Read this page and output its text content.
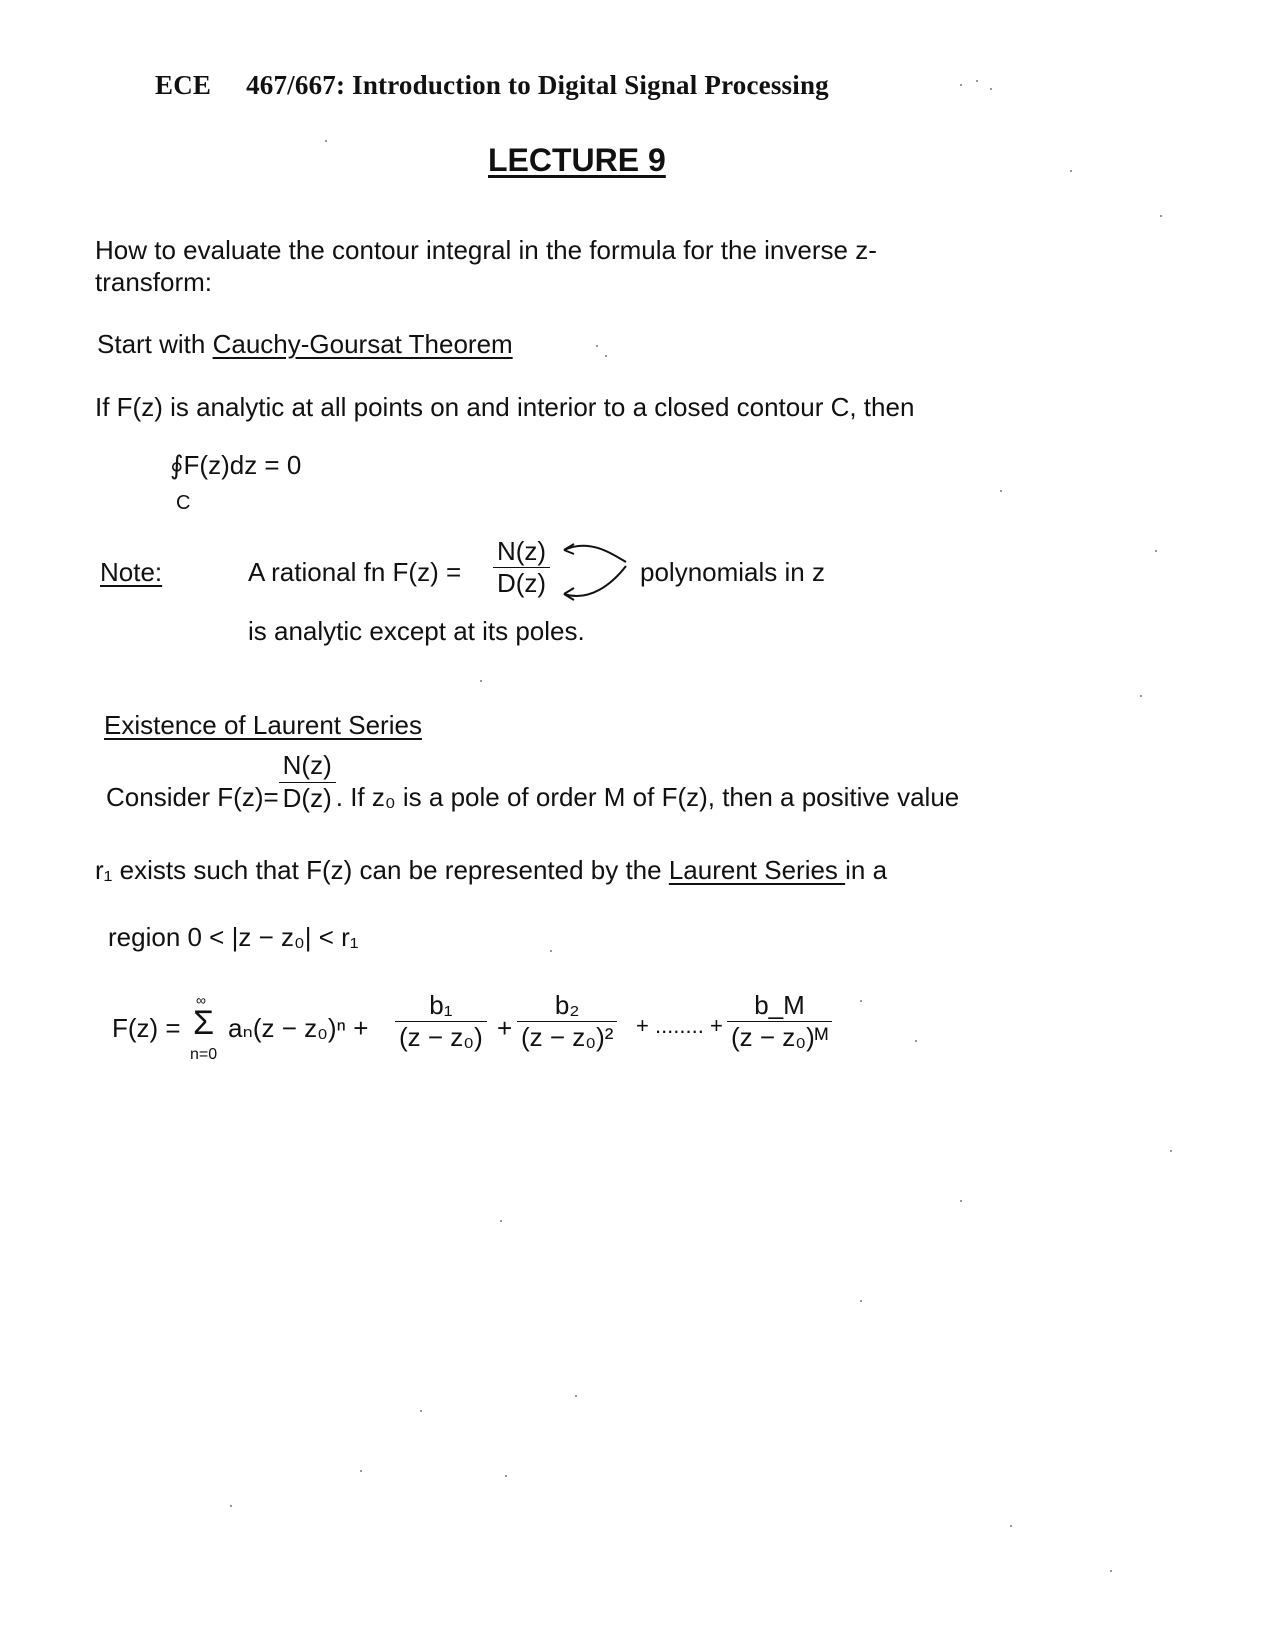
ECE 467/667: Introduction to Digital Signal Processing
LECTURE 9
How to evaluate the contour integral in the formula for the inverse z-
transform:
Start with Cauchy-Goursat Theorem
If F(z) is analytic at all points on and interior to a closed contour C, then
∮F(z)dz = 0
C
Note:	A rational fn $F(z) = \frac{N(z)}{D(z)}$	polynomials in z
is analytic except at its poles.
Existence of Laurent Series
Consider $F(z)= \frac{N(z)}{D(z)}$ . If z₀ is a pole of order M of F(z), then a positive value
r₁ exists such that F(z) can be represented by the Laurent Series in a
region 0 < |z − z₀| < r₁
F(z) =
∞
Σ
n=0
$a_n(z - z_0)^n + \frac{\text{b₁}}{\text{(z − z₀)}} + \frac{\text{b₂}}{\text{(z − z₀)²}}$ + ........ + $\frac{b\_M}{\text{(z − z₀)ᴹ}}$
